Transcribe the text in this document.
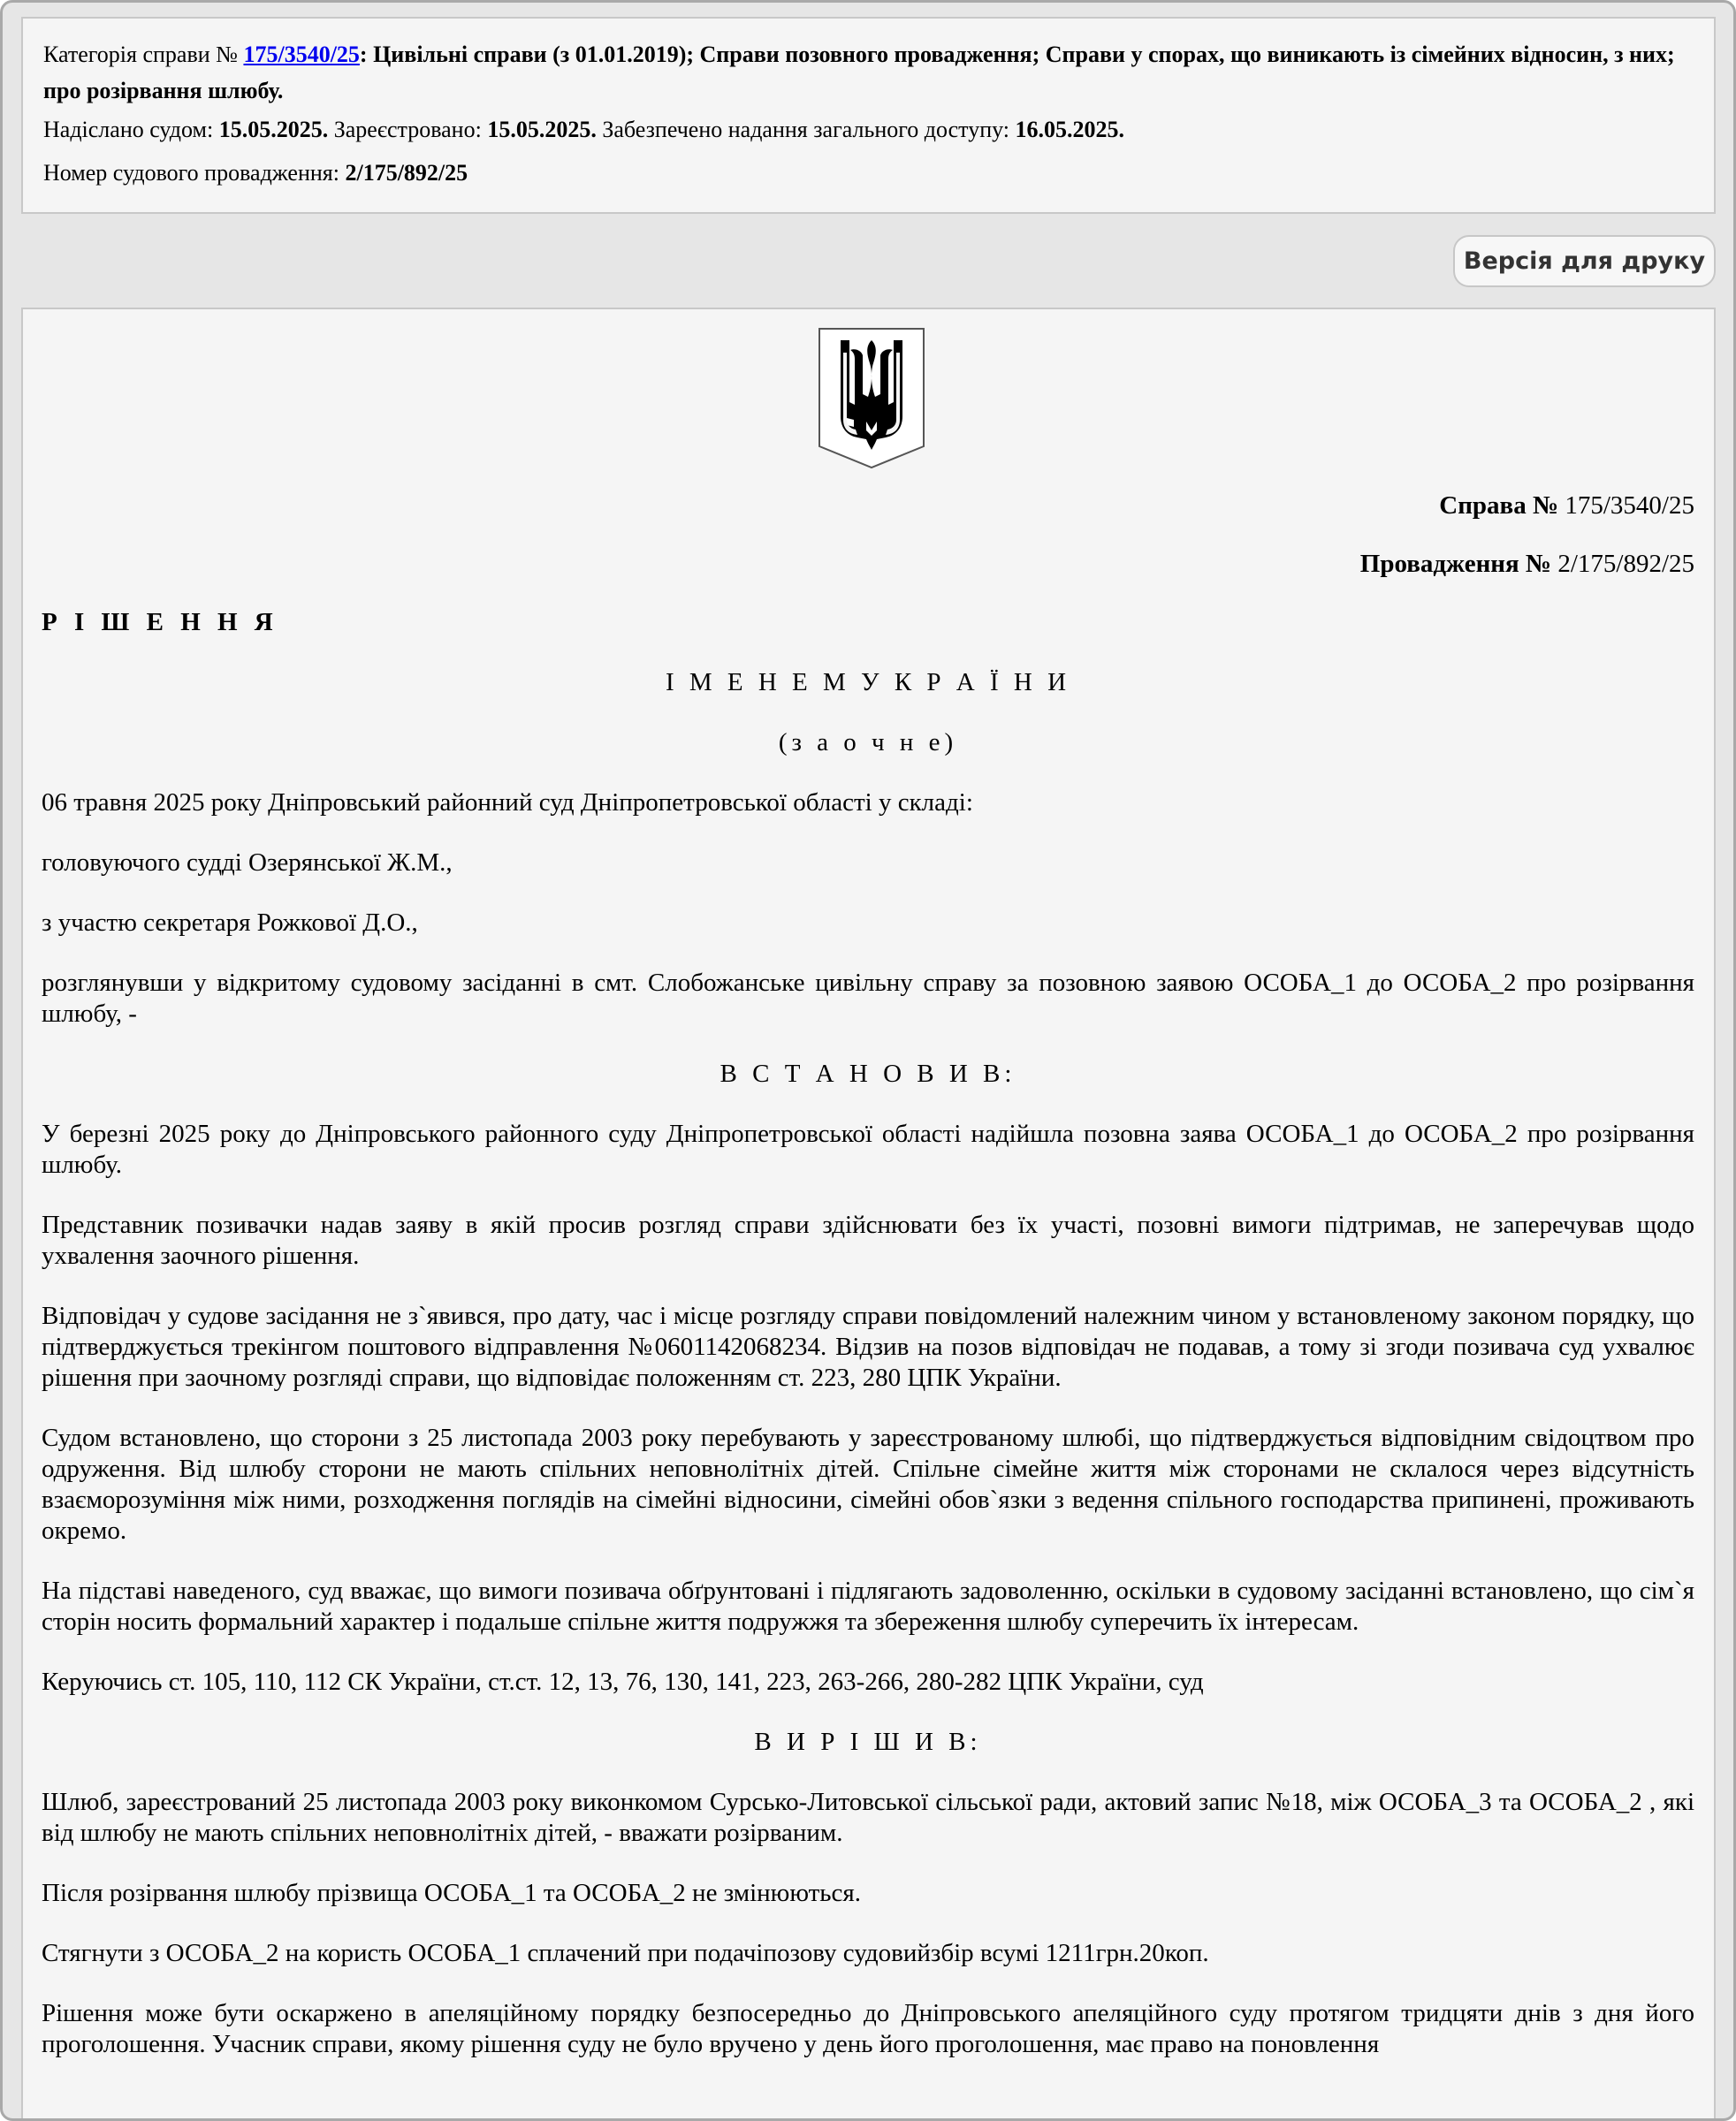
Категорія справи № 175/3540/25: Цивільні справи (з 01.01.2019); Справи позовного провадження; Справи у спорах, що виникають із сімейних відносин, з них; про розірвання шлюбу.

Надіслано судом: 15.05.2025. Зареєстровано: 15.05.2025. Забезпечено надання загального доступу: 16.05.2025.

Номер судового провадження: 2/175/892/25

Версія для друку

Справа № 175/3540/25

Провадження № 2/175/892/25

Р І Ш Е Н Н Я

І М Е Н Е М У К Р А Ї Н И

(з а о ч н е)

06 травня 2025 року Дніпровський районний суд Дніпропетровської області у складі:

головуючого судді Озерянської Ж.М.,

з участю секретаря Рожкової Д.О.,

розглянувши у відкритому судовому засіданні в смт. Слобожанське цивільну справу за позовною заявою ОСОБА_1 до ОСОБА_2 про розірвання шлюбу, -

В С Т А Н О В И В:

У березні 2025 року до Дніпровського районного суду Дніпропетровської області надійшла позовна заява ОСОБА_1 до ОСОБА_2 про розірвання шлюбу.

Представник позивачки надав заяву в якій просив розгляд справи здійснювати без їх участі, позовні вимоги підтримав, не заперечував щодо ухвалення заочного рішення.

Відповідач у судове засідання не з`явився, про дату, час і місце розгляду справи повідомлений належним чином у встановленому законом порядку, що підтверджується трекінгом поштового відправлення №0601142068234. Відзив на позов відповідач не подавав, а тому зі згоди позивача суд ухвалює рішення при заочному розгляді справи, що відповідає положенням ст. 223, 280 ЦПК України.

Судом встановлено, що сторони з 25 листопада 2003 року перебувають у зареєстрованому шлюбі, що підтверджується відповідним свідоцтвом про одруження. Від шлюбу сторони не мають спільних неповнолітніх дітей. Спільне сімейне життя між сторонами не склалося через відсутність взаєморозуміння між ними, розходження поглядів на сімейні відносини, сімейні обов`язки з ведення спільного господарства припинені, проживають окремо.

На підставі наведеного, суд вважає, що вимоги позивача обґрунтовані і підлягають задоволенню, оскільки в судовому засіданні встановлено, що сім`я сторін носить формальний характер і подальше спільне життя подружжя та збереження шлюбу суперечить їх інтересам.

Керуючись ст. 105, 110, 112 СК України, ст.ст. 12, 13, 76, 130, 141, 223, 263-266, 280-282 ЦПК України, суд

В И Р І Ш И В:

Шлюб, зареєстрований 25 листопада 2003 року виконкомом Сурсько-Литовської сільської ради, актовий запис №18, між ОСОБА_3 та ОСОБА_2 , які від шлюбу не мають спільних неповнолітніх дітей, - вважати розірваним.

Після розірвання шлюбу прізвища ОСОБА_1 та ОСОБА_2 не змінюються.

Стягнути з ОСОБА_2 на користь ОСОБА_1 сплачений при подачіпозову судовийзбір всумі 1211грн.20коп.

Рішення може бути оскаржено в апеляційному порядку безпосередньо до Дніпровського апеляційного суду протягом тридцяти днів з дня його проголошення. Учасник справи, якому рішення суду не було вручено у день його проголошення, має право на поновлення
